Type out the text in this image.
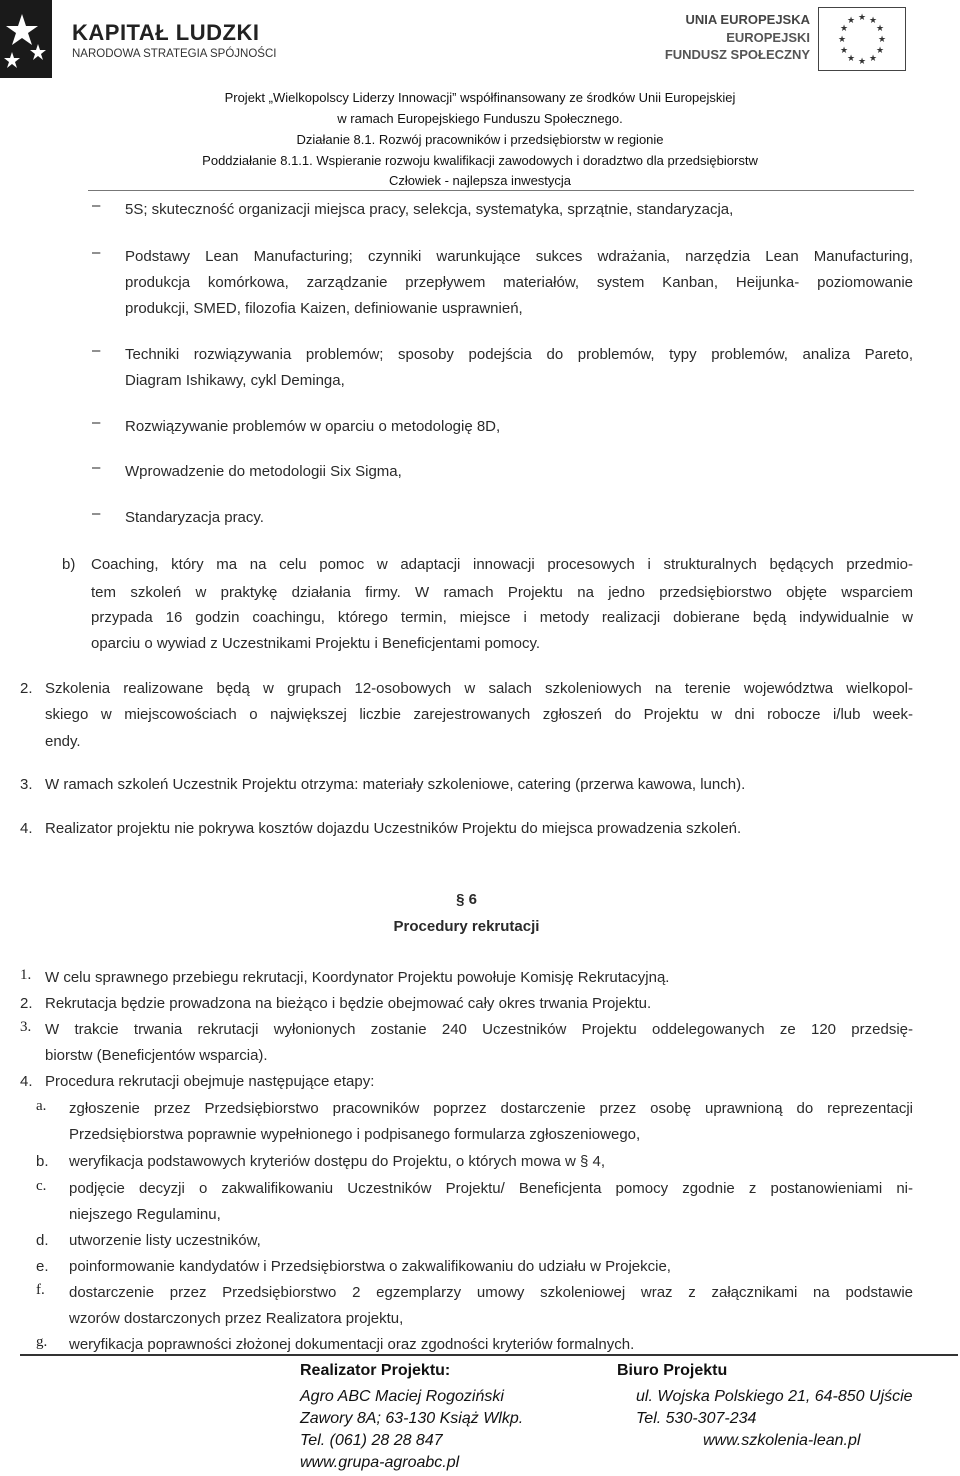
KAPITAŁ LUDZKI
NARODOWA STRATEGIA SPÓJNOŚCI
UNIA EUROPEJSKA
EUROPEJSKI
FUNDUSZ SPOŁECZNY
★ ★
★
★
★
★
★
★
★
★
★
★
Projekt „Wielkopolscy Liderzy Innowacji” współfinansowany ze środków Unii Europejskiej
w ramach Europejskiego Funduszu Społecznego.
Działanie 8.1. Rozwój pracowników i przedsiębiorstw w regionie
Poddziałanie 8.1.1. Wspieranie rozwoju kwalifikacji zawodowych i doradztwo dla przedsiębiorstw
Człowiek - najlepsza inwestycja
– 5S; skuteczność organizacji miejsca pracy, selekcja, systematyka, sprzątnie, standaryzacja,
– Podstawy Lean Manufacturing; czynniki warunkujące sukces wdrażania, narzędzia Lean Manufacturing,
produkcja komórkowa, zarządzanie przepływem materiałów, system Kanban, Heijunka- poziomowanie
produkcji, SMED, filozofia Kaizen, definiowanie usprawnień,
– Techniki rozwiązywania problemów; sposoby podejścia do problemów, typy problemów, analiza Pareto,
Diagram Ishikawy, cykl Deminga,
– Rozwiązywanie problemów w oparciu o metodologię 8D,
– Wprowadzenie do metodologii Six Sigma,
– Standaryzacja pracy.
b) Coaching, który ma na celu pomoc w adaptacji innowacji procesowych i strukturalnych będących przedmio-
tem szkoleń w praktykę działania firmy. W ramach Projektu na jedno przedsiębiorstwo objęte wsparciem
przypada 16 godzin coachingu, którego termin, miejsce i metody realizacji dobierane będą indywidualnie w
oparciu o wywiad z Uczestnikami Projektu i Beneficjentami pomocy.
2. Szkolenia realizowane będą w grupach 12-osobowych w salach szkoleniowych na terenie województwa wielkopol-
skiego w miejscowościach o największej liczbie zarejestrowanych zgłoszeń do Projektu w dni robocze i/lub week-
endy.
3. W ramach szkoleń Uczestnik Projektu otrzyma: materiały szkoleniowe, catering (przerwa kawowa, lunch).
4. Realizator projektu nie pokrywa kosztów dojazdu Uczestników Projektu do miejsca prowadzenia szkoleń.
§ 6
Procedury rekrutacji
1. W celu sprawnego przebiegu rekrutacji, Koordynator Projektu powołuje Komisję Rekrutacyjną.
2. Rekrutacja będzie prowadzona na bieżąco i będzie obejmować cały okres trwania Projektu.
3. W trakcie trwania rekrutacji wyłonionych zostanie 240 Uczestników Projektu oddelegowanych ze 120 przedsię-
biorstw (Beneficjentów wsparcia).
4. Procedura rekrutacji obejmuje następujące etapy:
a. zgłoszenie przez Przedsiębiorstwo pracowników poprzez dostarczenie przez osobę uprawnioną do reprezentacji
Przedsiębiorstwa poprawnie wypełnionego i podpisanego formularza zgłoszeniowego,
b. weryfikacja podstawowych kryteriów dostępu do Projektu, o których mowa w § 4,
c. podjęcie decyzji o zakwalifikowaniu Uczestników Projektu/ Beneficjenta pomocy zgodnie z postanowieniami ni-
niejszego Regulaminu,
d. utworzenie listy uczestników,
e. poinformowanie kandydatów i Przedsiębiorstwa o zakwalifikowaniu do udziału w Projekcie,
f. dostarczenie przez Przedsiębiorstwo 2 egzemplarzy umowy szkoleniowej wraz z załącznikami na podstawie
wzorów dostarczonych przez Realizatora projektu,
g. weryfikacja poprawności złożonej dokumentacji oraz zgodności kryteriów formalnych.
Realizator Projektu:
Agro ABC Maciej Rogoziński
Zawory 8A; 63-130 Książ Wlkp.
Tel. (061) 28 28 847
www.grupa-agroabc.pl
Biuro Projektu
ul. Wojska Polskiego 21, 64-850 Ujście
Tel. 530-307-234
www.szkolenia-lean.pl
